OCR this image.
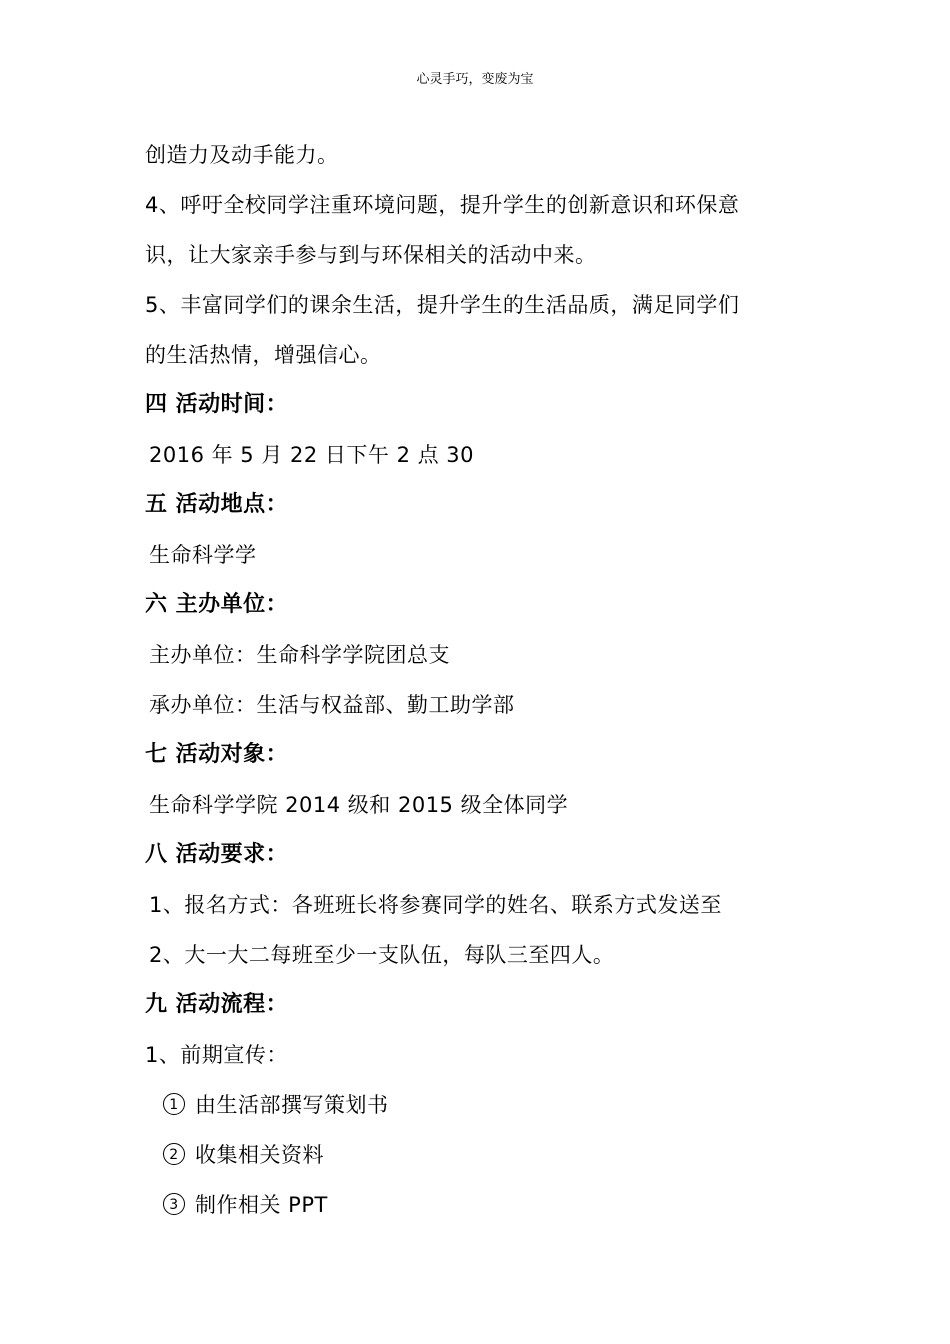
心灵手巧，变废为宝
创造力及动手能力。
4、呼吁全校同学注重环境问题，提升学生的创新意识和环保意
识，让大家亲手参与到与环保相关的活动中来。
5、丰富同学们的课余生活，提升学生的生活品质，满足同学们
的生活热情，增强信心。
四 活动时间：
2016 年 5 月 22 日下午 2 点 30
五 活动地点：
生命科学学
六 主办单位：
主办单位：生命科学学院团总支
承办单位：生活与权益部、勤工助学部
七 活动对象：
生命科学学院 2014 级和 2015 级全体同学
八 活动要求：
1、报名方式：各班班长将参赛同学的姓名、联系方式发送至
2、大一大二每班至少一支队伍，每队三至四人。
九 活动流程：
1、前期宣传：
1 由生活部撰写策划书
2 收集相关资料
3 制作相关 PPT
